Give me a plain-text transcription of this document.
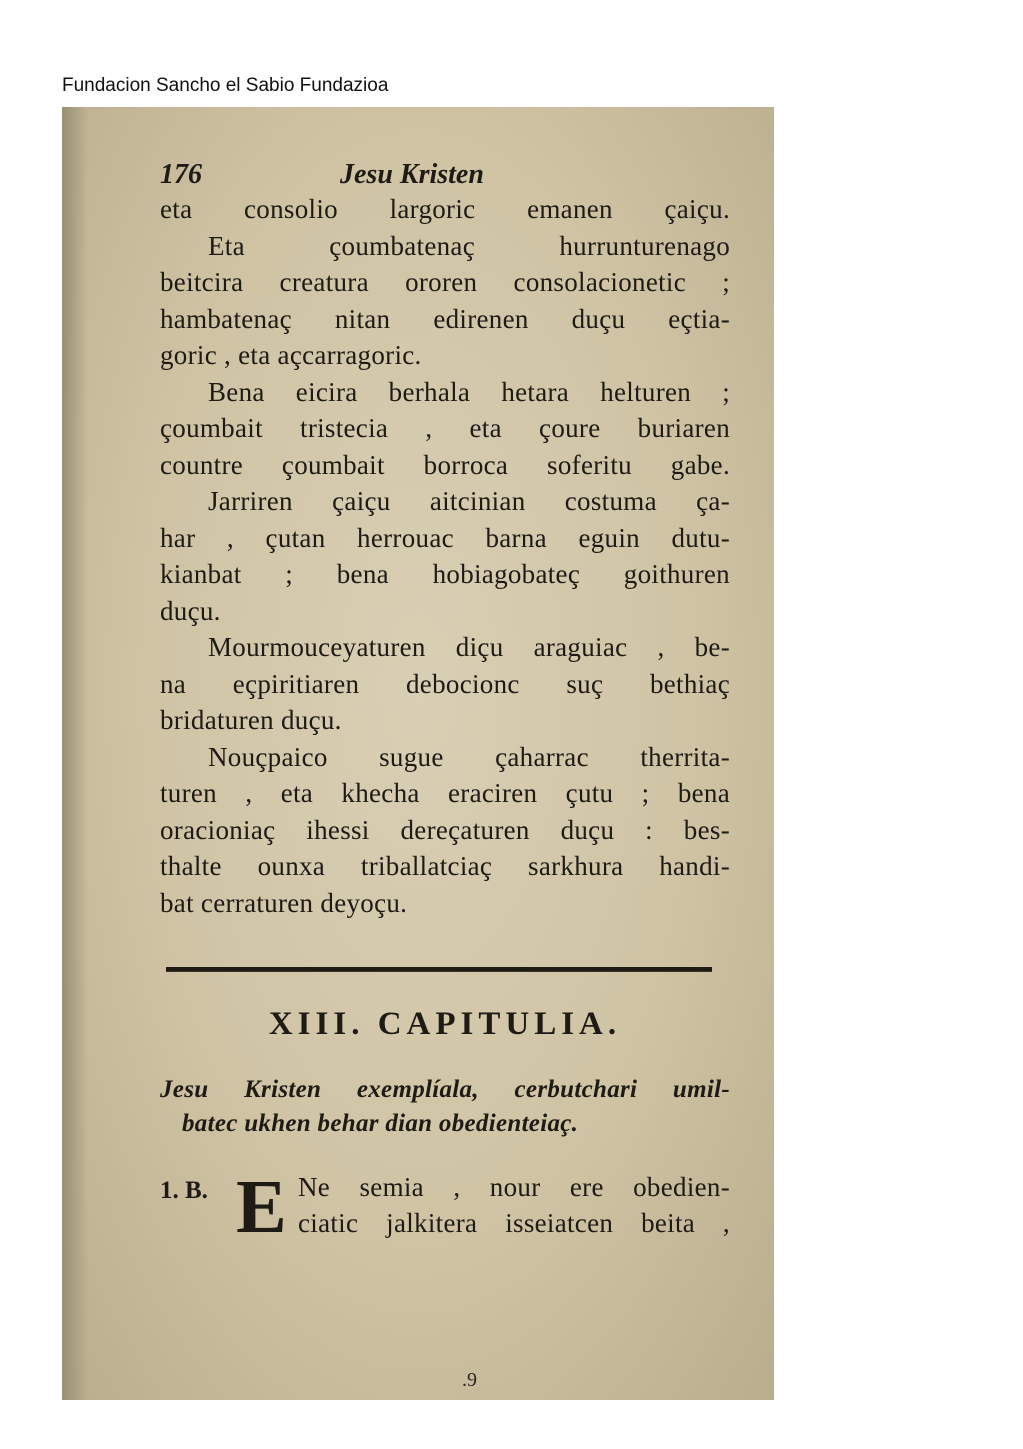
Fundacion Sancho el Sabio Fundazioa
176	Jesu Kristen
eta consolio largoric emanen çaiçu.
Eta çoumbatenaç hurrunturenago
beitcira creatura ororen consolacionetic ;
hambatenaç nitan edirenen duçu eçtia-
goric , eta açcarragoric.
Bena eicira berhala hetara helturen ;
çoumbait tristecia , eta çoure buriaren
countre çoumbait borroca soferitu gabe.
Jarriren çaiçu aitcinian costuma ça-
har , çutan herrouac barna eguin dutu-
kianbat ; bena hobiagobateç goithuren
duçu.
Mourmouceyaturen diçu araguiac , be-
na eçpiritiaren debocionc suç bethiaç
bridaturen duçu.
Nouçpaico sugue çaharrac therrita-
turen , eta khecha eraciren çutu ; bena
oracioniaç ihessi dereçaturen duçu : bes-
thalte ounxa triballatciaç sarkhura handi-
bat cerraturen deyoçu.
XIII. CAPITULIA.
Jesu Kristen exemplíala, cerbutchari umil-
batec ukhen behar dian obedienteiaç.
1. B. E Ne semia , nour ere obedien-
ciatic jalkitera isseiatcen beita ,
.9
